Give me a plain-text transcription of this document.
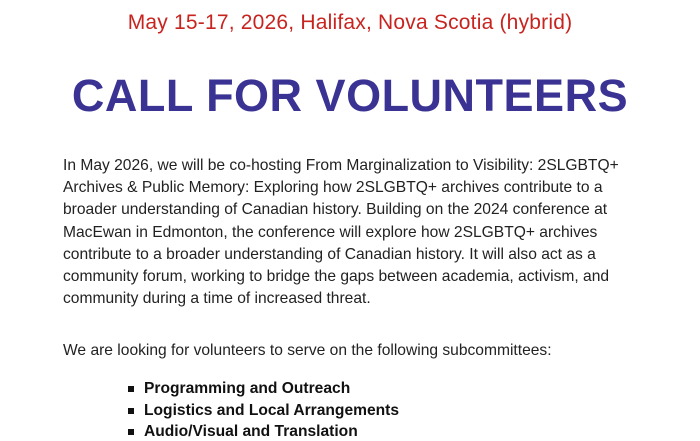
May 15-17, 2026, Halifax, Nova Scotia (hybrid)
CALL FOR VOLUNTEERS

In May 2026, we will be co-hosting From Marginalization to Visibility: 2SLGBTQ+ Archives & Public Memory: Exploring how 2SLGBTQ+ archives contribute to a broader understanding of Canadian history. Building on the 2024 conference at MacEwan in Edmonton, the conference will explore how 2SLGBTQ+ archives contribute to a broader understanding of Canadian history. It will also act as a community forum, working to bridge the gaps between academia, activism, and community during a time of increased threat.

We are looking for volunteers to serve on the following subcommittees:

Programming and Outreach
Logistics and Local Arrangements
Audio/Visual and Translation
